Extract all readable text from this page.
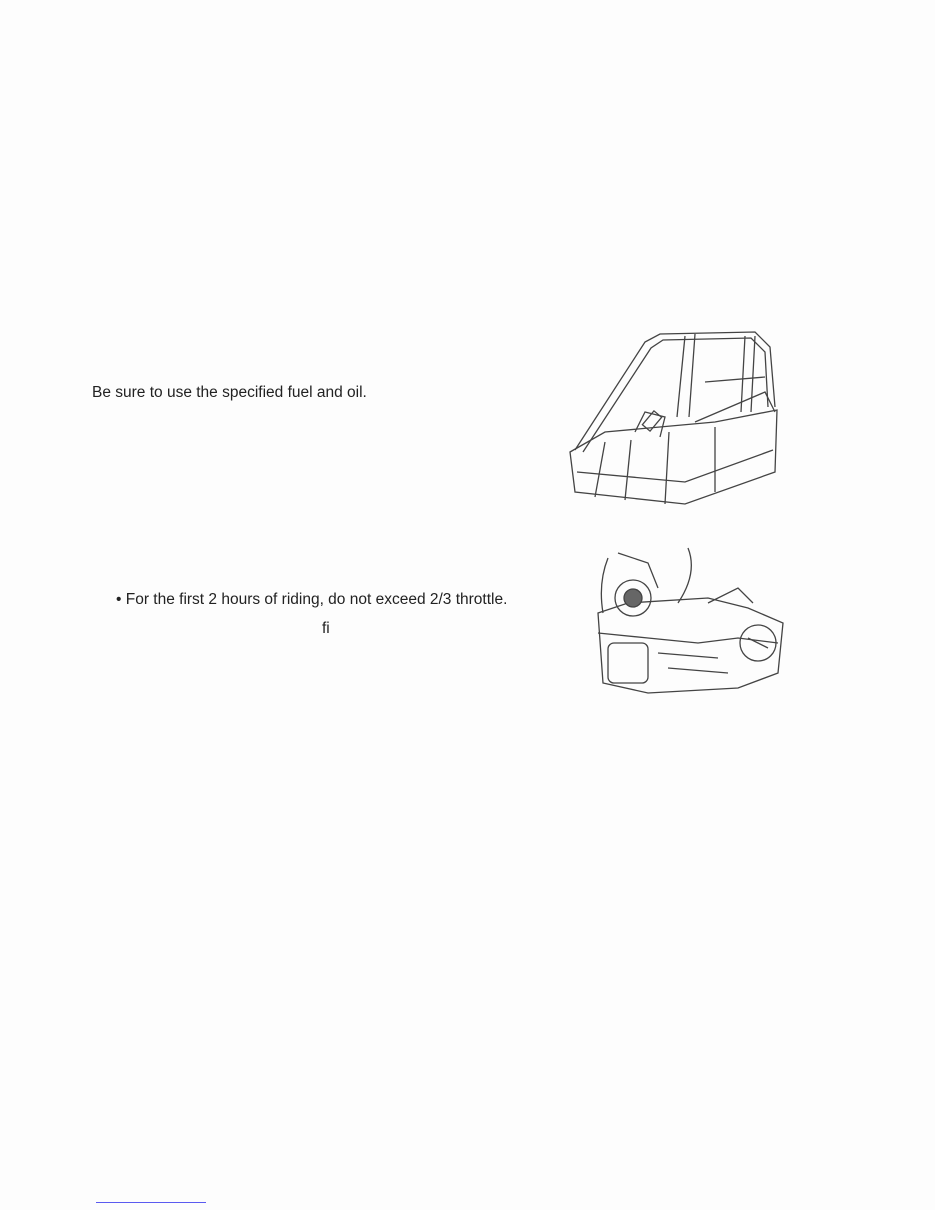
Be sure to use the specified fuel and oil.
• For the first 2 hours of riding, do not exceed 2/3 throttle.
fi
